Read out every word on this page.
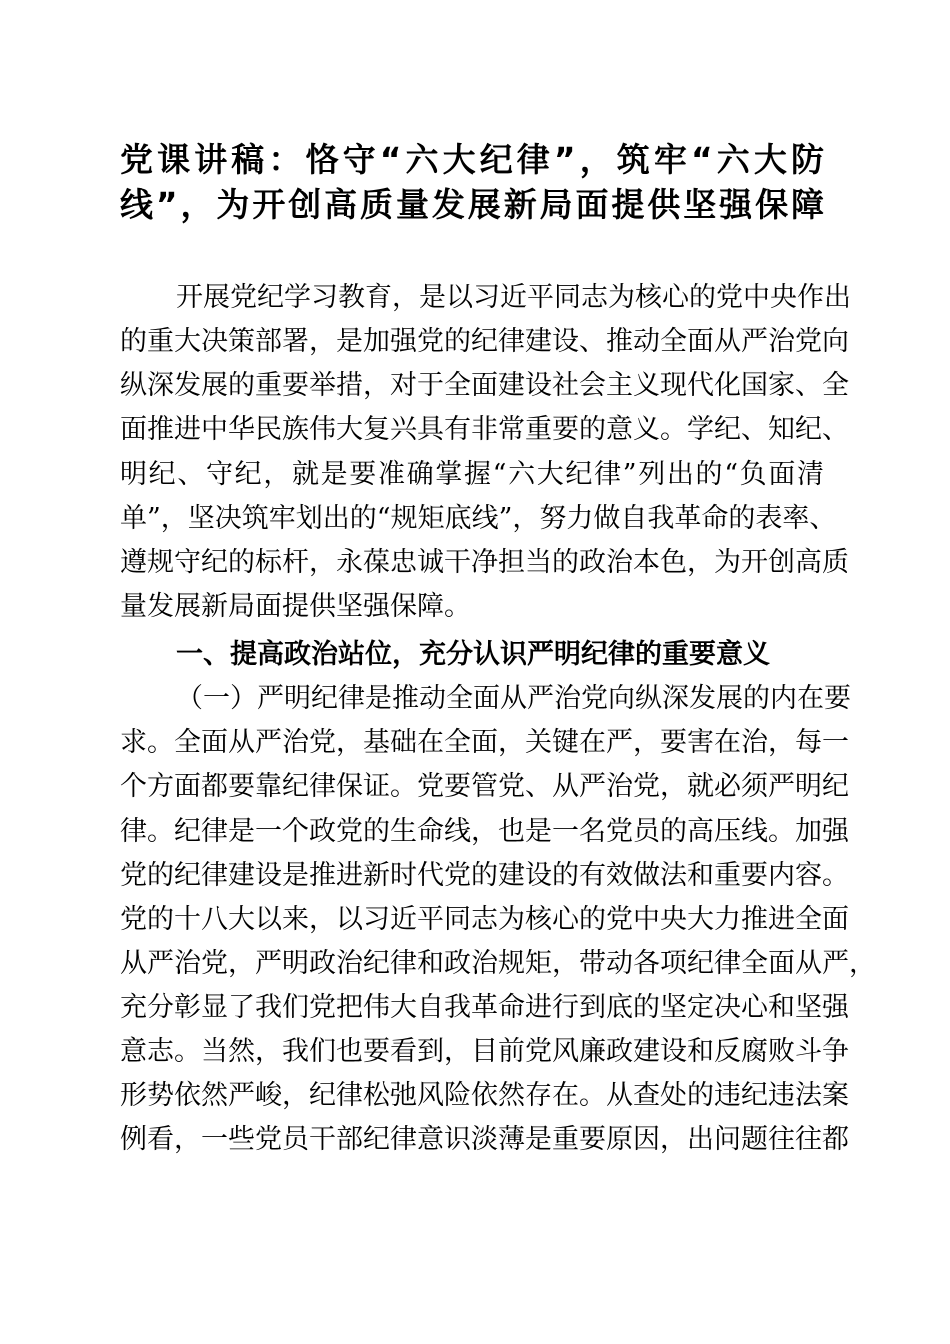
党课讲稿：恪守“六大纪律”，筑牢“六大防
线”，为开创高质量发展新局面提供坚强保障
开展党纪学习教育，是以习近平同志为核心的党中央作出
的重大决策部署，是加强党的纪律建设、推动全面从严治党向
纵深发展的重要举措，对于全面建设社会主义现代化国家、全
面推进中华民族伟大复兴具有非常重要的意义。学纪、知纪、
明纪、守纪，就是要准确掌握“六大纪律”列出的“负面清
单”，坚决筑牢划出的“规矩底线”，努力做自我革命的表率、
遵规守纪的标杆，永葆忠诚干净担当的政治本色，为开创高质
量发展新局面提供坚强保障。
一、提高政治站位，充分认识严明纪律的重要意义
（一）严明纪律是推动全面从严治党向纵深发展的内在要
求。全面从严治党，基础在全面，关键在严，要害在治，每一
个方面都要靠纪律保证。党要管党、从严治党，就必须严明纪
律。纪律是一个政党的生命线，也是一名党员的高压线。加强
党的纪律建设是推进新时代党的建设的有效做法和重要内容。
党的十八大以来，以习近平同志为核心的党中央大力推进全面
从严治党，严明政治纪律和政治规矩，带动各项纪律全面从严，
充分彰显了我们党把伟大自我革命进行到底的坚定决心和坚强
意志。当然，我们也要看到，目前党风廉政建设和反腐败斗争
形势依然严峻，纪律松弛风险依然存在。从查处的违纪违法案
例看，一些党员干部纪律意识淡薄是重要原因，出问题往往都
